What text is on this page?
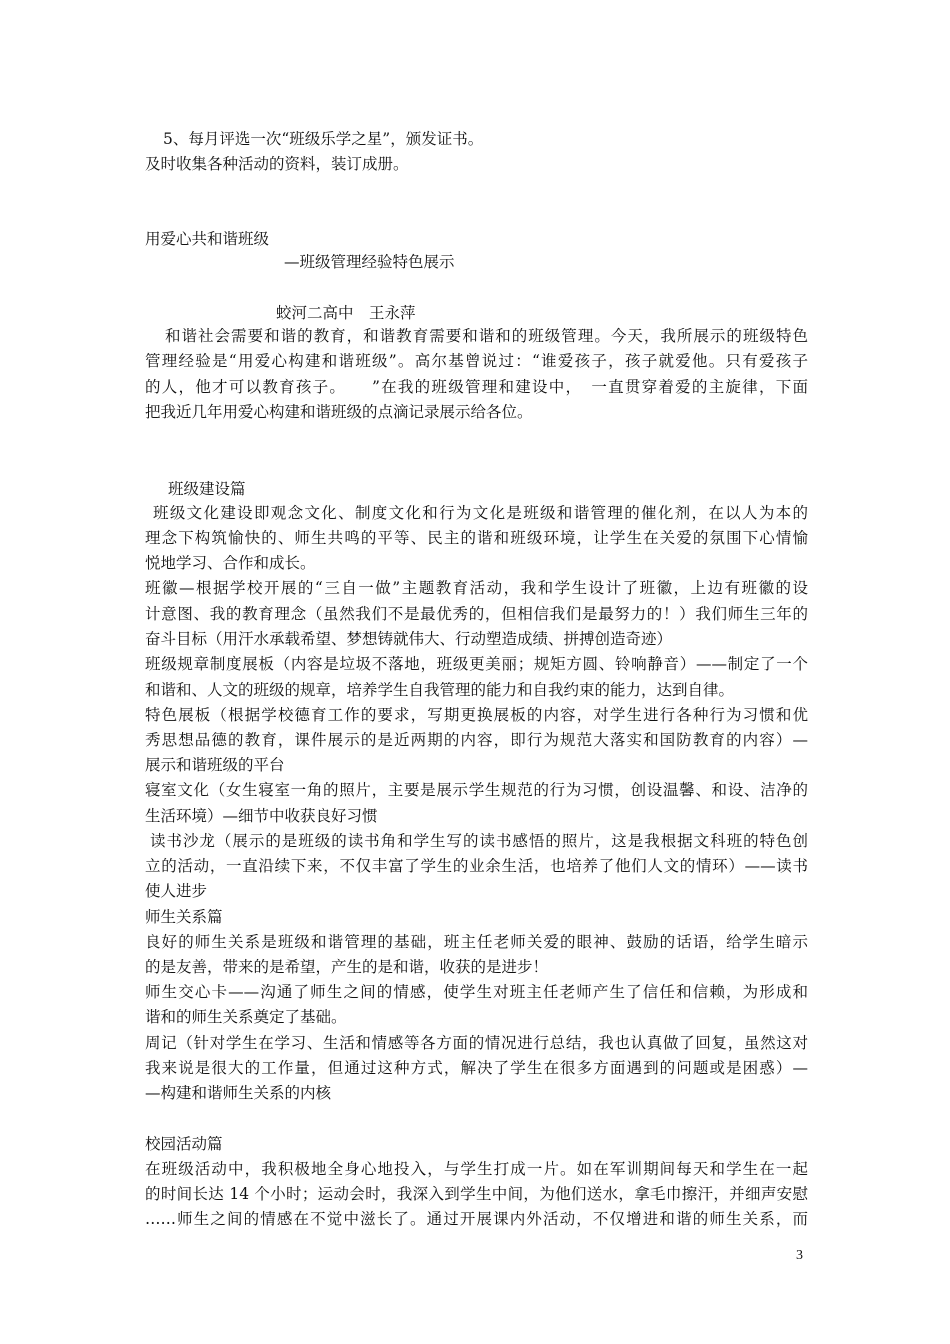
5、每月评选一次“班级乐学之星”，颁发证书。
及时收集各种活动的资料，装订成册。
用爱心共和谐班级
—班级管理经验特色展示
蛟河二高中　王永萍
和谐社会需要和谐的教育，和谐教育需要和谐和的班级管理。今天，我所展示的班级特色
管理经验是“用爱心构建和谐班级”。高尔基曾说过：“谁爱孩子，孩子就爱他。只有爱孩子
的人，他才可以教育孩子。　　”在我的班级管理和建设中，　一直贯穿着爱的主旋律，下面
把我近几年用爱心构建和谐班级的点滴记录展示给各位。
班级建设篇
班级文化建设即观念文化、制度文化和行为文化是班级和谐管理的催化剂，在以人为本的
理念下构筑愉快的、师生共鸣的平等、民主的谐和班级环境，让学生在关爱的氛围下心情愉
悦地学习、合作和成长。
班徽—根据学校开展的“三自一做”主题教育活动，我和学生设计了班徽，上边有班徽的设
计意图、我的教育理念（虽然我们不是最优秀的，但相信我们是最努力的！）我们师生三年的
奋斗目标（用汗水承载希望、梦想铸就伟大、行动塑造成绩、拼搏创造奇迹）
班级规章制度展板（内容是垃圾不落地，班级更美丽；规矩方圆、铃响静音）——制定了一个
和谐和、人文的班级的规章，培养学生自我管理的能力和自我约束的能力，达到自律。
特色展板（根据学校德育工作的要求，写期更换展板的内容，对学生进行各种行为习惯和优
秀思想品德的教育，课件展示的是近两期的内容，即行为规范大落实和国防教育的内容）—
展示和谐班级的平台
寝室文化（女生寝室一角的照片，主要是展示学生规范的行为习惯，创设温馨、和设、洁净的
生活环境）—细节中收获良好习惯
读书沙龙（展示的是班级的读书角和学生写的读书感悟的照片，这是我根据文科班的特色创
立的活动，一直沿续下来，不仅丰富了学生的业余生活，也培养了他们人文的情环）——读书
使人进步
师生关系篇
良好的师生关系是班级和谐管理的基础，班主任老师关爱的眼神、鼓励的话语，给学生暗示
的是友善，带来的是希望，产生的是和谐，收获的是进步！
师生交心卡——沟通了师生之间的情感，使学生对班主任老师产生了信任和信赖，为形成和
谐和的师生关系奠定了基础。
周记（针对学生在学习、生活和情感等各方面的情况进行总结，我也认真做了回复，虽然这对
我来说是很大的工作量，但通过这种方式，解决了学生在很多方面遇到的问题或是困惑）—
—构建和谐师生关系的内核
校园活动篇
在班级活动中，我积极地全身心地投入，与学生打成一片。如在军训期间每天和学生在一起
的时间长达 14 个小时；运动会时，我深入到学生中间，为他们送水，拿毛巾擦汗，并细声安慰
……师生之间的情感在不觉中滋长了。通过开展课内外活动，不仅增进和谐的师生关系，而
3
